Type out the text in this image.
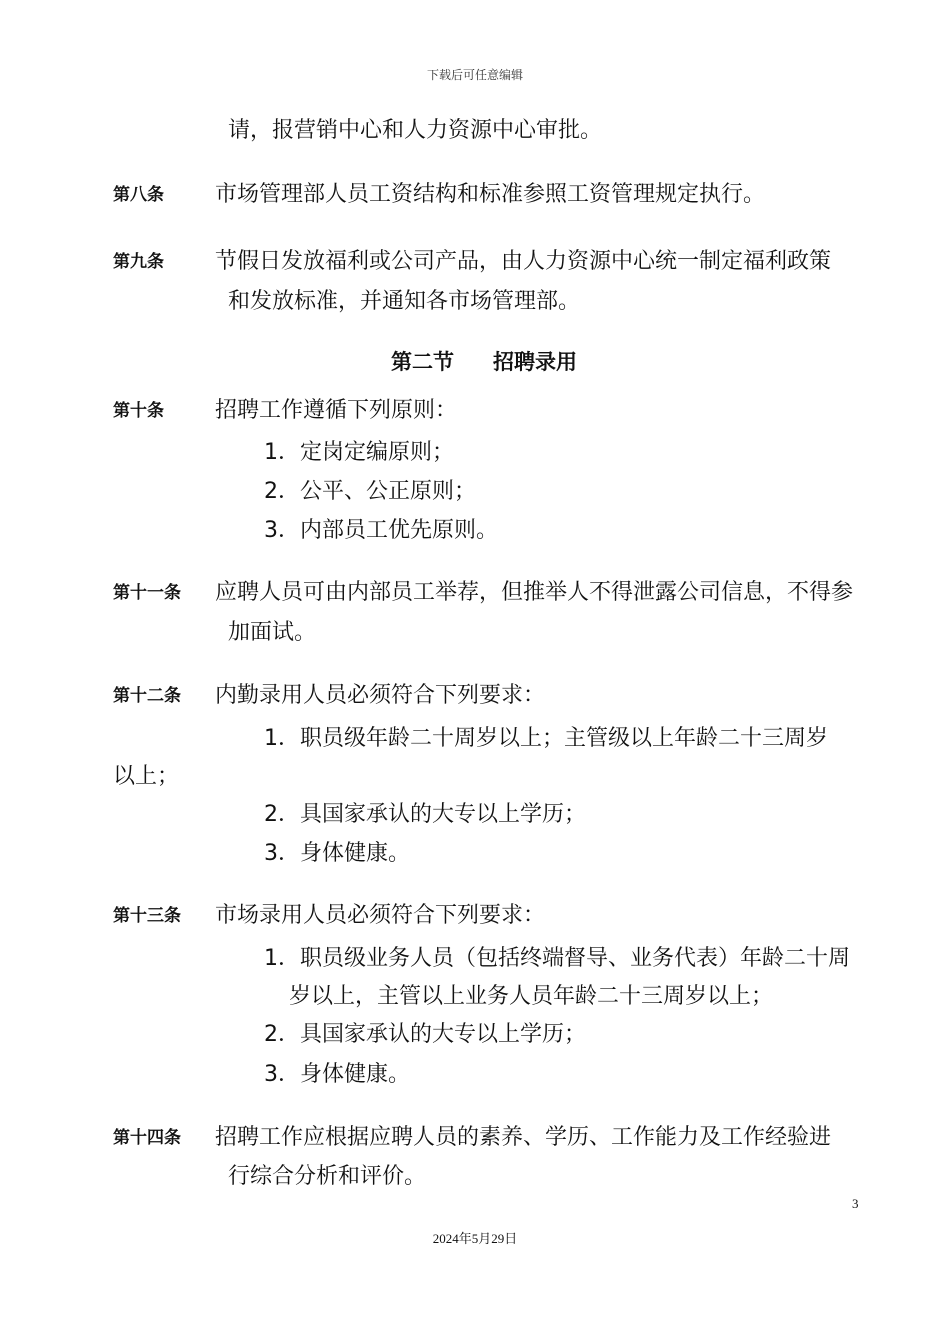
下载后可任意编辑
请，报营销中心和人力资源中心审批。
第八条 市场管理部人员工资结构和标准参照工资管理规定执行。
第九条 节假日发放福利或公司产品，由人力资源中心统一制定福利政策
和发放标准，并通知各市场管理部。
第二节 招聘录用
第十条 招聘工作遵循下列原则：
1．定岗定编原则；
2．公平、公正原则；
3．内部员工优先原则。
第十一条 应聘人员可由内部员工举荐，但推举人不得泄露公司信息，不得参
加面试。
第十二条 内勤录用人员必须符合下列要求：
1．职员级年龄二十周岁以上；主管级以上年龄二十三周岁
以上；
2．具国家承认的大专以上学历；
3．身体健康。
第十三条 市场录用人员必须符合下列要求：
1．职员级业务人员（包括终端督导、业务代表）年龄二十周
岁以上，主管以上业务人员年龄二十三周岁以上；
2．具国家承认的大专以上学历；
3．身体健康。
第十四条 招聘工作应根据应聘人员的素养、学历、工作能力及工作经验进
行综合分析和评价。
3
2024年5月29日
